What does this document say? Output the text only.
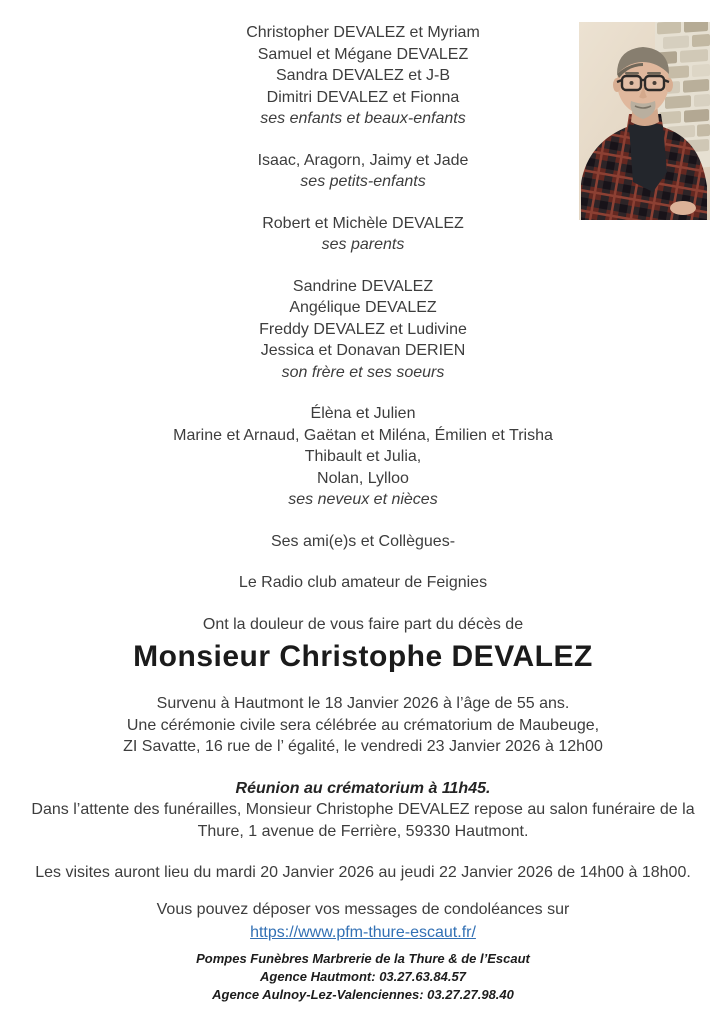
Christopher DEVALEZ et Myriam

Samuel et Mégane DEVALEZ

Sandra DEVALEZ et J-B

Dimitri DEVALEZ et Fionna

ses enfants et beaux-enfants

Isaac, Aragorn, Jaimy et Jade

ses petits-enfants

Robert et Michèle DEVALEZ

ses parents

Sandrine DEVALEZ

Angélique DEVALEZ

Freddy DEVALEZ et Ludivine

Jessica et Donavan DERIEN

son frère et ses soeurs

Élèna et Julien

Marine et Arnaud, Gaëtan et Miléna, Émilien et Trisha

Thibault et Julia,

Nolan, Lylloo

ses neveux et nièces

Ses ami(e)s et Collègues-

Le Radio club amateur de Feignies

Ont la douleur de vous faire part du décès de

Monsieur Christophe DEVALEZ

Survenu à Hautmont le 18 Janvier 2026 à l’âge de 55 ans.

Une cérémonie civile sera célébrée au crématorium de Maubeuge,

ZI Savatte, 16 rue de l’ égalité, le vendredi 23 Janvier 2026 à 12h00

Réunion au crématorium à 11h45.

Dans l’attente des funérailles, Monsieur Christophe DEVALEZ repose au salon funéraire de la

Thure, 1 avenue de Ferrière, 59330 Hautmont.

Les visites auront lieu du mardi 20 Janvier 2026 au jeudi 22 Janvier 2026 de 14h00 à 18h00.

Vous pouvez déposer vos messages de condoléances sur

https://www.pfm-thure-escaut.fr/

Pompes Funèbres Marbrerie de la Thure & de l’Escaut

Agence Hautmont: 03.27.63.84.57

Agence Aulnoy-Lez-Valenciennes: 03.27.27.98.40
